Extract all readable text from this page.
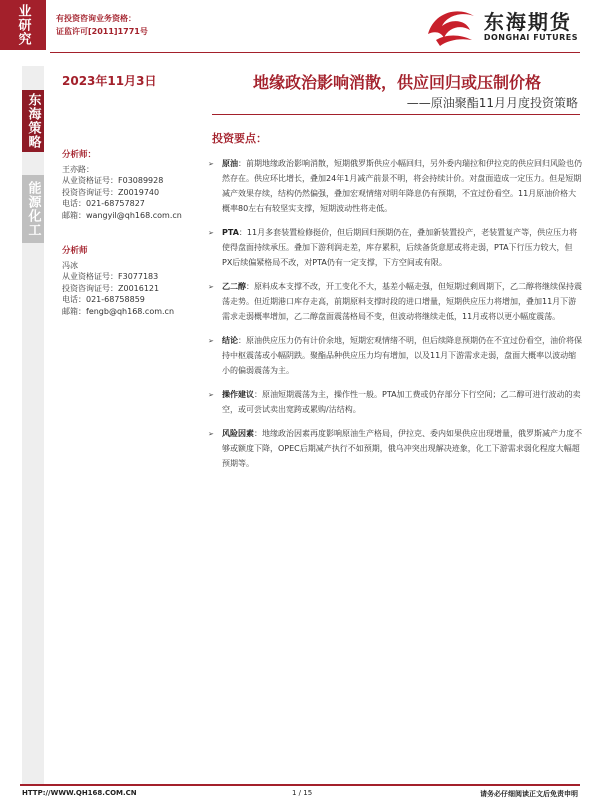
业研究	有投资咨询业务资格：
证监许可[2011]1771号	东海期货
DONGHAI FUTURES
东海策略
能源化工
2023年11月3日
分析师：
王亦路：
从业资格证号：F03089928
投资咨询证号：Z0019740
电话：021-68757827
邮箱：wangyil@qh168.com.cn
分析师
冯冰
从业资格证号：F3077183
投资咨询证号：Z0016121
电话：021-68758859
邮箱：fengb@qh168.com.cn
地缘政治影响消散，供应回归或压制价格
——原油聚酯11月月度投资策略
投资要点：
➢	原油：前期地缘政治影响消散，短期俄罗斯供应小幅回归，另外委内瑞拉和伊拉克的供应回归风险也仍然存在。供应环比增长，叠加24年1月减产前景不明，将会持续计价。对盘面造成一定压力。但是短期减产效果存续，结构仍然偏强，叠加宏观情绪对明年降息仍有预期，不宜过份看空。11月原油价格大概率80左右有较坚实支撑，短期波动性将走低。
➢	PTA：11月多套装置检修挺价，但后期回归预期仍在，叠加新装置投产，老装置复产等，供应压力将使得盘面持续承压。叠加下游利润走差，库存累积，后续备货意愿或将走弱，PTA下行压力较大，但PX后续偏紧格局不改，对PTA仍有一定支撑，下方空间或有限。
➢	乙二醇：原料成本支撑不改，开工变化不大，基差小幅走强，但短期过剩周期下，乙二醇将继续保持震荡走势。但近期港口库存走高，前期原料支撑时段的进口增量，短期供应压力将增加，叠加11月下游需求走弱概率增加，乙二醇盘面震荡格局不变，但波动将继续走低，11月或将以更小幅度震荡。
➢	结论：原油供应压力仍有计价余地，短期宏观情绪不明，但后续降息预期仍在不宜过份看空，油价将保持中枢震荡或小幅阴跌。聚酯品种供应压力均有增加，以及11月下游需求走弱，盘面大概率以波动缩小的偏弱震荡为主。
➢	操作建议：原油短期震荡为主，操作性一般。PTA加工费或仍存部分下行空间；乙二醇可进行波动的卖空，或可尝试卖出宽跨或累购/沽结构。
➢	风险因素：地缘政治因素再度影响原油生产格局，伊拉克、委内如果供应出现增量，俄罗斯减产力度不够或额度下降，OPEC后期减产执行不如预期，俄乌冲突出现解决迹象，化工下游需求弱化程度大幅超预期等。
HTTP://WWW.QH168.COM.CN	1 / 15	请务必仔细阅读正文后免责申明
